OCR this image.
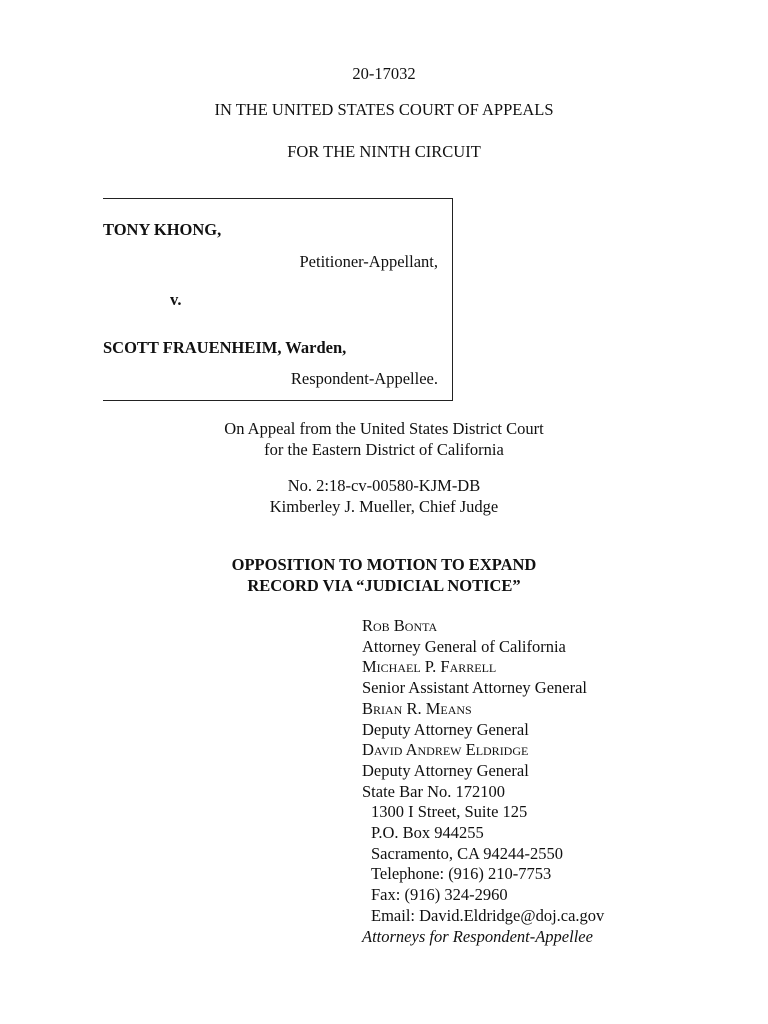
20-17032
IN THE UNITED STATES COURT OF APPEALS
FOR THE NINTH CIRCUIT
TONY KHONG,
Petitioner-Appellant,
v.
SCOTT FRAUENHEIM, Warden,
Respondent-Appellee.
On Appeal from the United States District Court
for the Eastern District of California
No. 2:18-cv-00580-KJM-DB
Kimberley J. Mueller, Chief Judge
OPPOSITION TO MOTION TO EXPAND
RECORD VIA “JUDICIAL NOTICE”
Rob Bonta
Attorney General of California
Michael P. Farrell
Senior Assistant Attorney General
Brian R. Means
Deputy Attorney General
David Andrew Eldridge
Deputy Attorney General
State Bar No. 172100
1300 I Street, Suite 125
P.O. Box 944255
Sacramento, CA 94244-2550
Telephone: (916) 210-7753
Fax: (916) 324-2960
Email: David.Eldridge@doj.ca.gov
Attorneys for Respondent-Appellee
